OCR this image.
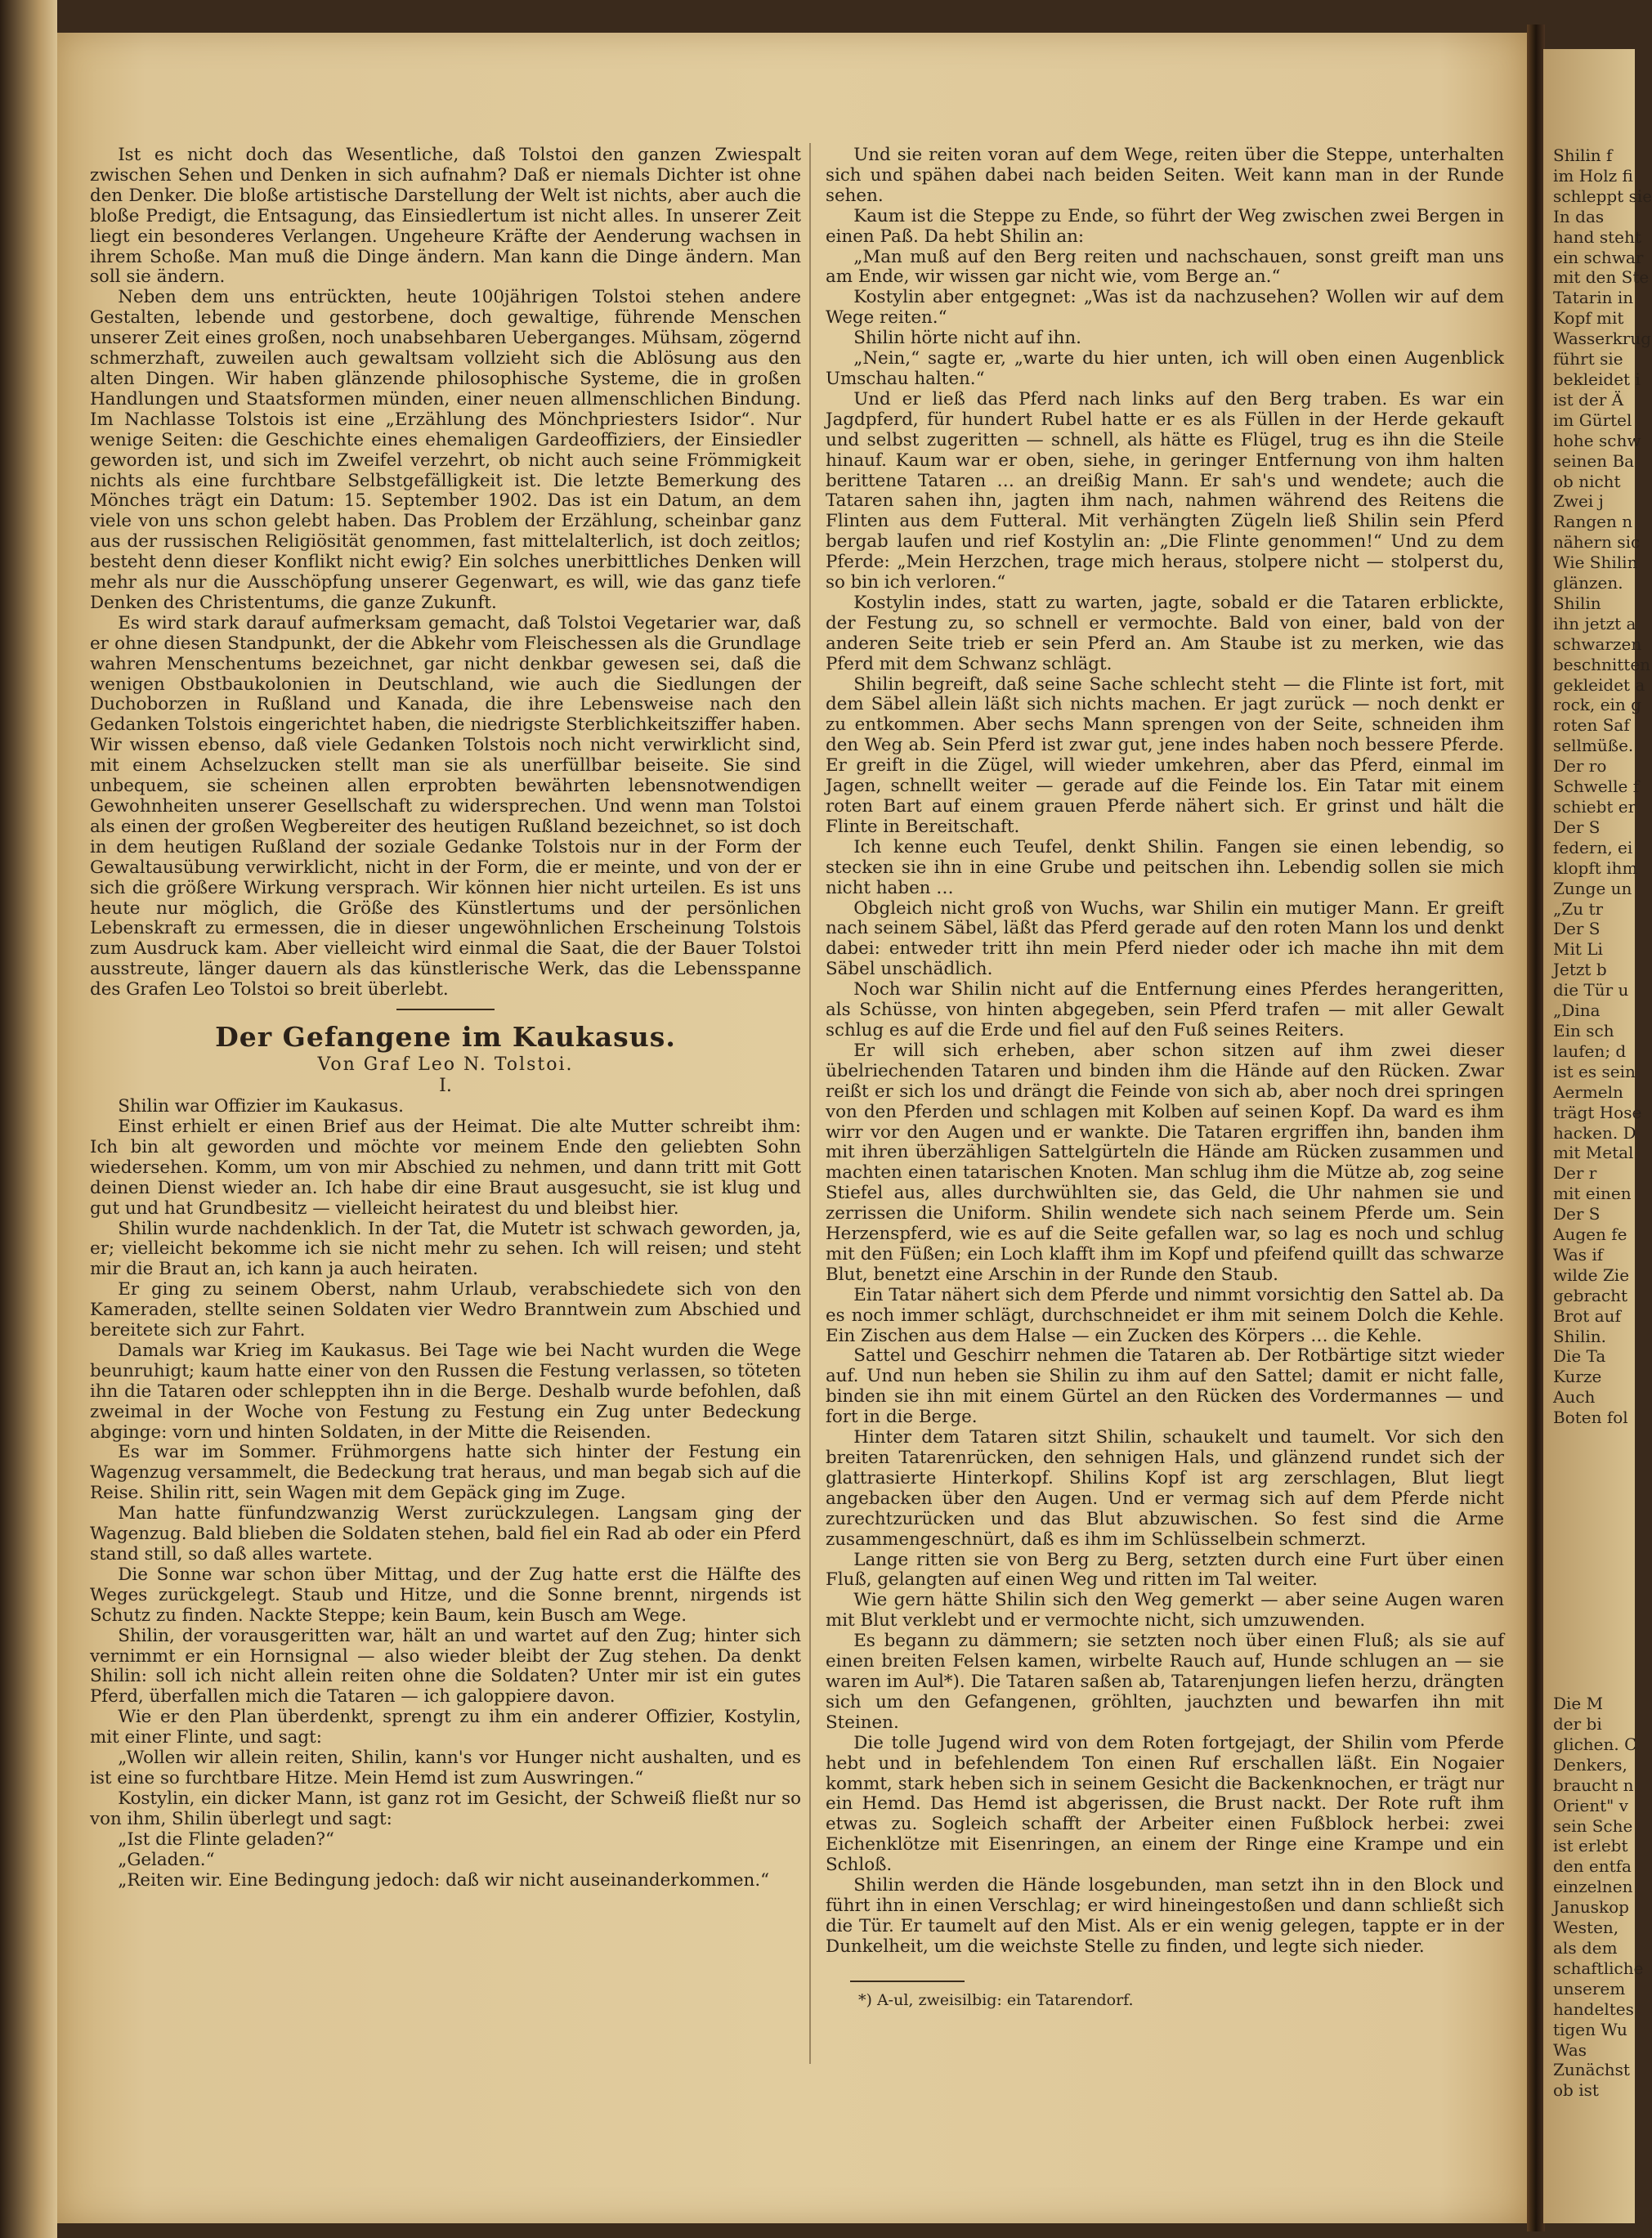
Ist es nicht doch das Wesentliche, daß Tolstoi den ganzen Zwiespalt zwischen Sehen und Denken in sich aufnahm? Daß er niemals Dichter ist ohne den Denker. Die bloße artistische Darstellung der Welt ist nichts, aber auch die bloße Predigt, die Entsagung, das Einsiedlertum ist nicht alles. In unserer Zeit liegt ein besonderes Verlangen. Ungeheure Kräfte der Aenderung wachsen in ihrem Schoße. Man muß die Dinge ändern. Man kann die Dinge ändern. Man soll sie ändern.

Neben dem uns entrückten, heute 100jährigen Tolstoi stehen andere Gestalten, lebende und gestorbene, doch gewaltige, führende Menschen unserer Zeit eines großen, noch unabsehbaren Ueberganges. Mühsam, zögernd schmerzhaft, zuweilen auch gewaltsam vollzieht sich die Ablösung aus den alten Dingen. Wir haben glänzende philosophische Systeme, die in großen Handlungen und Staatsformen münden, einer neuen allmenschlichen Bindung. Im Nachlasse Tolstois ist eine „Erzählung des Mönchpriesters Isidor“. Nur wenige Seiten: die Geschichte eines ehemaligen Gardeoffiziers, der Einsiedler geworden ist, und sich im Zweifel verzehrt, ob nicht auch seine Frömmigkeit nichts als eine furchtbare Selbstgefälligkeit ist. Die letzte Bemerkung des Mönches trägt ein Datum: 15. September 1902. Das ist ein Datum, an dem viele von uns schon gelebt haben. Das Problem der Erzählung, scheinbar ganz aus der russischen Religiösität genommen, fast mittelalterlich, ist doch zeitlos; besteht denn dieser Konflikt nicht ewig? Ein solches unerbittliches Denken will mehr als nur die Ausschöpfung unserer Gegenwart, es will, wie das ganz tiefe Denken des Christentums, die ganze Zukunft.

Es wird stark darauf aufmerksam gemacht, daß Tolstoi Vegetarier war, daß er ohne diesen Standpunkt, der die Abkehr vom Fleischessen als die Grundlage wahren Menschentums bezeichnet, gar nicht denkbar gewesen sei, daß die wenigen Obstbaukolonien in Deutschland, wie auch die Siedlungen der Duchoborzen in Rußland und Kanada, die ihre Lebensweise nach den Gedanken Tolstois eingerichtet haben, die niedrigste Sterblichkeitsziffer haben. Wir wissen ebenso, daß viele Gedanken Tolstois noch nicht verwirklicht sind, mit einem Achselzucken stellt man sie als unerfüllbar beiseite. Sie sind unbequem, sie scheinen allen erprobten bewährten lebensnotwendigen Gewohnheiten unserer Gesellschaft zu widersprechen. Und wenn man Tolstoi als einen der großen Wegbereiter des heutigen Rußland bezeichnet, so ist doch in dem heutigen Rußland der soziale Gedanke Tolstois nur in der Form der Gewaltausübung verwirklicht, nicht in der Form, die er meinte, und von der er sich die größere Wirkung versprach. Wir können hier nicht urteilen. Es ist uns heute nur möglich, die Größe des Künstlertums und der persönlichen Lebenskraft zu ermessen, die in dieser ungewöhnlichen Erscheinung Tolstois zum Ausdruck kam. Aber vielleicht wird einmal die Saat, die der Bauer Tolstoi ausstreute, länger dauern als das künstlerische Werk, das die Lebensspanne des Grafen Leo Tolstoi so breit überlebt.

Der Gefangene im Kaukasus.

Von Graf Leo N. Tolstoi.

I.

Shilin war Offizier im Kaukasus.

Einst erhielt er einen Brief aus der Heimat. Die alte Mutter schreibt ihm: Ich bin alt geworden und möchte vor meinem Ende den geliebten Sohn wiedersehen. Komm, um von mir Abschied zu nehmen, und dann tritt mit Gott deinen Dienst wieder an. Ich habe dir eine Braut ausgesucht, sie ist klug und gut und hat Grundbesitz — vielleicht heiratest du und bleibst hier.

Shilin wurde nachdenklich. In der Tat, die Mutetr ist schwach geworden, ja, er; vielleicht bekomme ich sie nicht mehr zu sehen. Ich will reisen; und steht mir die Braut an, ich kann ja auch heiraten.

Er ging zu seinem Oberst, nahm Urlaub, verabschiedete sich von den Kameraden, stellte seinen Soldaten vier Wedro Branntwein zum Abschied und bereitete sich zur Fahrt.

Damals war Krieg im Kaukasus. Bei Tage wie bei Nacht wurden die Wege beunruhigt; kaum hatte einer von den Russen die Festung verlassen, so töteten ihn die Tataren oder schleppten ihn in die Berge. Deshalb wurde befohlen, daß zweimal in der Woche von Festung zu Festung ein Zug unter Bedeckung abginge: vorn und hinten Soldaten, in der Mitte die Reisenden.

Es war im Sommer. Frühmorgens hatte sich hinter der Festung ein Wagenzug versammelt, die Bedeckung trat heraus, und man begab sich auf die Reise. Shilin ritt, sein Wagen mit dem Gepäck ging im Zuge.

Man hatte fünfundzwanzig Werst zurückzulegen. Langsam ging der Wagenzug. Bald blieben die Soldaten stehen, bald fiel ein Rad ab oder ein Pferd stand still, so daß alles wartete.

Die Sonne war schon über Mittag, und der Zug hatte erst die Hälfte des Weges zurückgelegt. Staub und Hitze, und die Sonne brennt, nirgends ist Schutz zu finden. Nackte Steppe; kein Baum, kein Busch am Wege.

Shilin, der vorausgeritten war, hält an und wartet auf den Zug; hinter sich vernimmt er ein Hornsignal — also wieder bleibt der Zug stehen. Da denkt Shilin: soll ich nicht allein reiten ohne die Soldaten? Unter mir ist ein gutes Pferd, überfallen mich die Tataren — ich galoppiere davon.

Wie er den Plan überdenkt, sprengt zu ihm ein anderer Offizier, Kostylin, mit einer Flinte, und sagt:

„Wollen wir allein reiten, Shilin, kann's vor Hunger nicht aushalten, und es ist eine so furchtbare Hitze. Mein Hemd ist zum Auswringen.“

Kostylin, ein dicker Mann, ist ganz rot im Gesicht, der Schweiß fließt nur so von ihm, Shilin überlegt und sagt:

„Ist die Flinte geladen?“

„Geladen.“

„Reiten wir. Eine Bedingung jedoch: daß wir nicht auseinanderkommen.“

Und sie reiten voran auf dem Wege, reiten über die Steppe, unterhalten sich und spähen dabei nach beiden Seiten. Weit kann man in der Runde sehen.

Kaum ist die Steppe zu Ende, so führt der Weg zwischen zwei Bergen in einen Paß. Da hebt Shilin an:

„Man muß auf den Berg reiten und nachschauen, sonst greift man uns am Ende, wir wissen gar nicht wie, vom Berge an.“

Kostylin aber entgegnet: „Was ist da nachzusehen? Wollen wir auf dem Wege reiten.“

Shilin hörte nicht auf ihn.

„Nein,“ sagte er, „warte du hier unten, ich will oben einen Augenblick Umschau halten.“

Und er ließ das Pferd nach links auf den Berg traben. Es war ein Jagdpferd, für hundert Rubel hatte er es als Füllen in der Herde gekauft und selbst zugeritten — schnell, als hätte es Flügel, trug es ihn die Steile hinauf. Kaum war er oben, siehe, in geringer Entfernung von ihm halten berittene Tataren … an dreißig Mann. Er sah's und wendete; auch die Tataren sahen ihn, jagten ihm nach, nahmen während des Reitens die Flinten aus dem Futteral. Mit verhängten Zügeln ließ Shilin sein Pferd bergab laufen und rief Kostylin an: „Die Flinte genommen!“ Und zu dem Pferde: „Mein Herzchen, trage mich heraus, stolpere nicht — stolperst du, so bin ich verloren.“

Kostylin indes, statt zu warten, jagte, sobald er die Tataren erblickte, der Festung zu, so schnell er vermochte. Bald von einer, bald von der anderen Seite trieb er sein Pferd an. Am Staube ist zu merken, wie das Pferd mit dem Schwanz schlägt.

Shilin begreift, daß seine Sache schlecht steht — die Flinte ist fort, mit dem Säbel allein läßt sich nichts machen. Er jagt zurück — noch denkt er zu entkommen. Aber sechs Mann sprengen von der Seite, schneiden ihm den Weg ab. Sein Pferd ist zwar gut, jene indes haben noch bessere Pferde. Er greift in die Zügel, will wieder umkehren, aber das Pferd, einmal im Jagen, schnellt weiter — gerade auf die Feinde los. Ein Tatar mit einem roten Bart auf einem grauen Pferde nähert sich. Er grinst und hält die Flinte in Bereitschaft.

Ich kenne euch Teufel, denkt Shilin. Fangen sie einen lebendig, so stecken sie ihn in eine Grube und peitschen ihn. Lebendig sollen sie mich nicht haben …

Obgleich nicht groß von Wuchs, war Shilin ein mutiger Mann. Er greift nach seinem Säbel, läßt das Pferd gerade auf den roten Mann los und denkt dabei: entweder tritt ihn mein Pferd nieder oder ich mache ihn mit dem Säbel unschädlich.

Noch war Shilin nicht auf die Entfernung eines Pferdes herangeritten, als Schüsse, von hinten abgegeben, sein Pferd trafen — mit aller Gewalt schlug es auf die Erde und fiel auf den Fuß seines Reiters.

Er will sich erheben, aber schon sitzen auf ihm zwei dieser übelriechenden Tataren und binden ihm die Hände auf den Rücken. Zwar reißt er sich los und drängt die Feinde von sich ab, aber noch drei springen von den Pferden und schlagen mit Kolben auf seinen Kopf. Da ward es ihm wirr vor den Augen und er wankte. Die Tataren ergriffen ihn, banden ihm mit ihren überzähligen Sattelgürteln die Hände am Rücken zusammen und machten einen tatarischen Knoten. Man schlug ihm die Mütze ab, zog seine Stiefel aus, alles durchwühlten sie, das Geld, die Uhr nahmen sie und zerrissen die Uniform. Shilin wendete sich nach seinem Pferde um. Sein Herzenspferd, wie es auf die Seite gefallen war, so lag es noch und schlug mit den Füßen; ein Loch klafft ihm im Kopf und pfeifend quillt das schwarze Blut, benetzt eine Arschin in der Runde den Staub.

Ein Tatar nähert sich dem Pferde und nimmt vorsichtig den Sattel ab. Da es noch immer schlägt, durchschneidet er ihm mit seinem Dolch die Kehle. Ein Zischen aus dem Halse — ein Zucken des Körpers … die Kehle.

Sattel und Geschirr nehmen die Tataren ab. Der Rotbärtige sitzt wieder auf. Und nun heben sie Shilin zu ihm auf den Sattel; damit er nicht falle, binden sie ihn mit einem Gürtel an den Rücken des Vordermannes — und fort in die Berge.

Hinter dem Tataren sitzt Shilin, schaukelt und taumelt. Vor sich den breiten Tatarenrücken, den sehnigen Hals, und glänzend rundet sich der glattrasierte Hinterkopf. Shilins Kopf ist arg zerschlagen, Blut liegt angebacken über den Augen. Und er vermag sich auf dem Pferde nicht zurechtzurücken und das Blut abzuwischen. So fest sind die Arme zusammengeschnürt, daß es ihm im Schlüsselbein schmerzt.

Lange ritten sie von Berg zu Berg, setzten durch eine Furt über einen Fluß, gelangten auf einen Weg und ritten im Tal weiter.

Wie gern hätte Shilin sich den Weg gemerkt — aber seine Augen waren mit Blut verklebt und er vermochte nicht, sich umzuwenden.

Es begann zu dämmern; sie setzten noch über einen Fluß; als sie auf einen breiten Felsen kamen, wirbelte Rauch auf, Hunde schlugen an — sie waren im Aul*). Die Tataren saßen ab, Tatarenjungen liefen herzu, drängten sich um den Gefangenen, gröhlten, jauchzten und bewarfen ihn mit Steinen.

Die tolle Jugend wird von dem Roten fortgejagt, der Shilin vom Pferde hebt und in befehlendem Ton einen Ruf erschallen läßt. Ein Nogaier kommt, stark heben sich in seinem Gesicht die Backenknochen, er trägt nur ein Hemd. Das Hemd ist abgerissen, die Brust nackt. Der Rote ruft ihm etwas zu. Sogleich schafft der Arbeiter einen Fußblock herbei: zwei Eichenklötze mit Eisenringen, an einem der Ringe eine Krampe und ein Schloß.

Shilin werden die Hände losgebunden, man setzt ihn in den Block und führt ihn in einen Verschlag; er wird hineingestoßen und dann schließt sich die Tür. Er taumelt auf den Mist. Als er ein wenig gelegen, tappte er in der Dunkelheit, um die weichste Stelle zu finden, und legte sich nieder.

*) A-ul, zweisilbig: ein Tatarendorf.

Shilin f
im Holz fi
schleppt sie
In das
hand steht
ein schwar
mit den Ste
Tatarin in
Kopf mit
Wasserkrug
führt sie
bekleidet i
ist der Ä
im Gürtel
hohe schw
seinen Ba
ob nicht
Zwei j
Rangen n
nähern sic
Wie Shilin
glänzen.
Shilin
ihn jetzt a
schwarzen
beschnitten
gekleidet a
rock, ein g
roten Saf
sellmüße.
Der ro
Schwelle f
schiebt er
Der S
federn, ei
klopft ihm
Zunge un
„Zu tr
Der S
Mit Li
Jetzt b
die Tür u
„Dina
Ein sch
laufen; d
ist es sein
Aermeln
trägt Hose
hacken. D
mit Metal
Der r
mit einen
Der S
Augen fe
Was if
wilde Zie
gebracht
Brot auf
Shilin.
Die Ta
Kurze
Auch
Boten fol
Die M
der bi
glichen. C
Denkers,
braucht n
Orient" v
sein Sche
ist erlebt
den entfa
einzelnen
Januskop
Westen,
als dem
schaftliche
unserem
handeltes
tigen Wu
Was
Zunächst
ob ist
